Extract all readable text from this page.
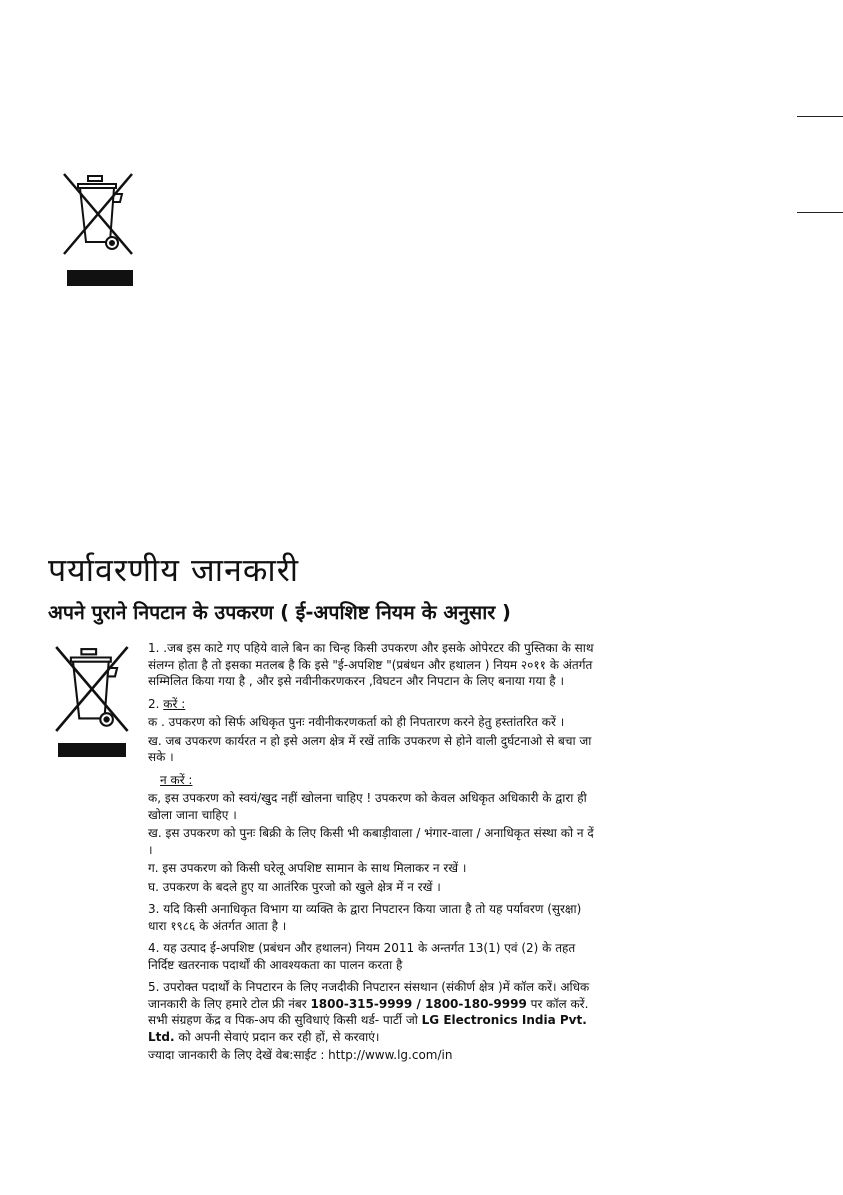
पर्यावरणीय जानकारी
अपने पुराने निपटान के उपकरण ( ई-अपशिष्ट नियम के अनुसार )

1. .जब इस काटे गए पहिये वाले बिन का चिन्ह किसी उपकरण और इसके ओपेरटर की पुस्तिका के साथ संलग्न होता है तो इसका मतलब है कि इसे "ई-अपशिष्ट "(प्रबंधन और हथालन ) नियम २०११ के अंतर्गत सम्मिलित किया गया है , और इसे नवीनीकरणकरन ,विघटन और निपटान के लिए बनाया गया है ।

2. करें :

क . उपकरण को सिर्फ अधिकृत पुनः नवीनीकरणकर्ता को ही निपतारण करने हेतु हस्तांतरित करें ।

ख. जब उपकरण कार्यरत न हो इसे अलग क्षेत्र में रखें ताकि उपकरण से होने वाली दुर्घटनाओ से बचा जा सके ।

न करें :

क, इस उपकरण को स्वयं/खुद नहीं खोलना चाहिए ! उपकरण को केवल अधिकृत अधिकारी के द्वारा ही खोला जाना चाहिए ।

ख. इस उपकरण को पुनः बिक्री के लिए किसी भी कबाड़ीवाला / भंगार-वाला / अनाधिकृत संस्था को न दें ।

ग. इस उपकरण को किसी घरेलू अपशिष्ट सामान के साथ मिलाकर न रखें ।

घ. उपकरण के बदले हुए या आतंरिक पुरजो को खुले क्षेत्र में न रखें ।

3. यदि किसी अनाधिकृत विभाग या व्यक्ति के द्वारा निपटारन किया जाता है तो यह पर्यावरण (सुरक्षा) धारा १९८६ के अंतर्गत आता है ।

4. यह उत्पाद ई-अपशिष्ट (प्रबंधन और हथालन) नियम 2011 के अन्तर्गत 13(1) एवं (2) के तहत निर्दिष्ट खतरनाक पदार्थों की आवश्यकता का पालन करता है

5. उपरोक्त पदार्थों के निपटारन के लिए नजदीकी निपटारन संसथान (संकीर्ण क्षेत्र )में कॉल करें। अधिक जानकारी के लिए हमारे टोल फ्री नंबर 1800-315-9999 / 1800-180-9999 पर कॉल करें. सभी संग्रहण केंद्र व पिक-अप की सुविधाएं किसी थर्ड- पार्टी जो LG Electronics India Pvt. Ltd. को अपनी सेवाएं प्रदान कर रही हों, से करवाएं।

ज्यादा जानकारी के लिए देखें वेब:साईट : http://www.lg.com/in
